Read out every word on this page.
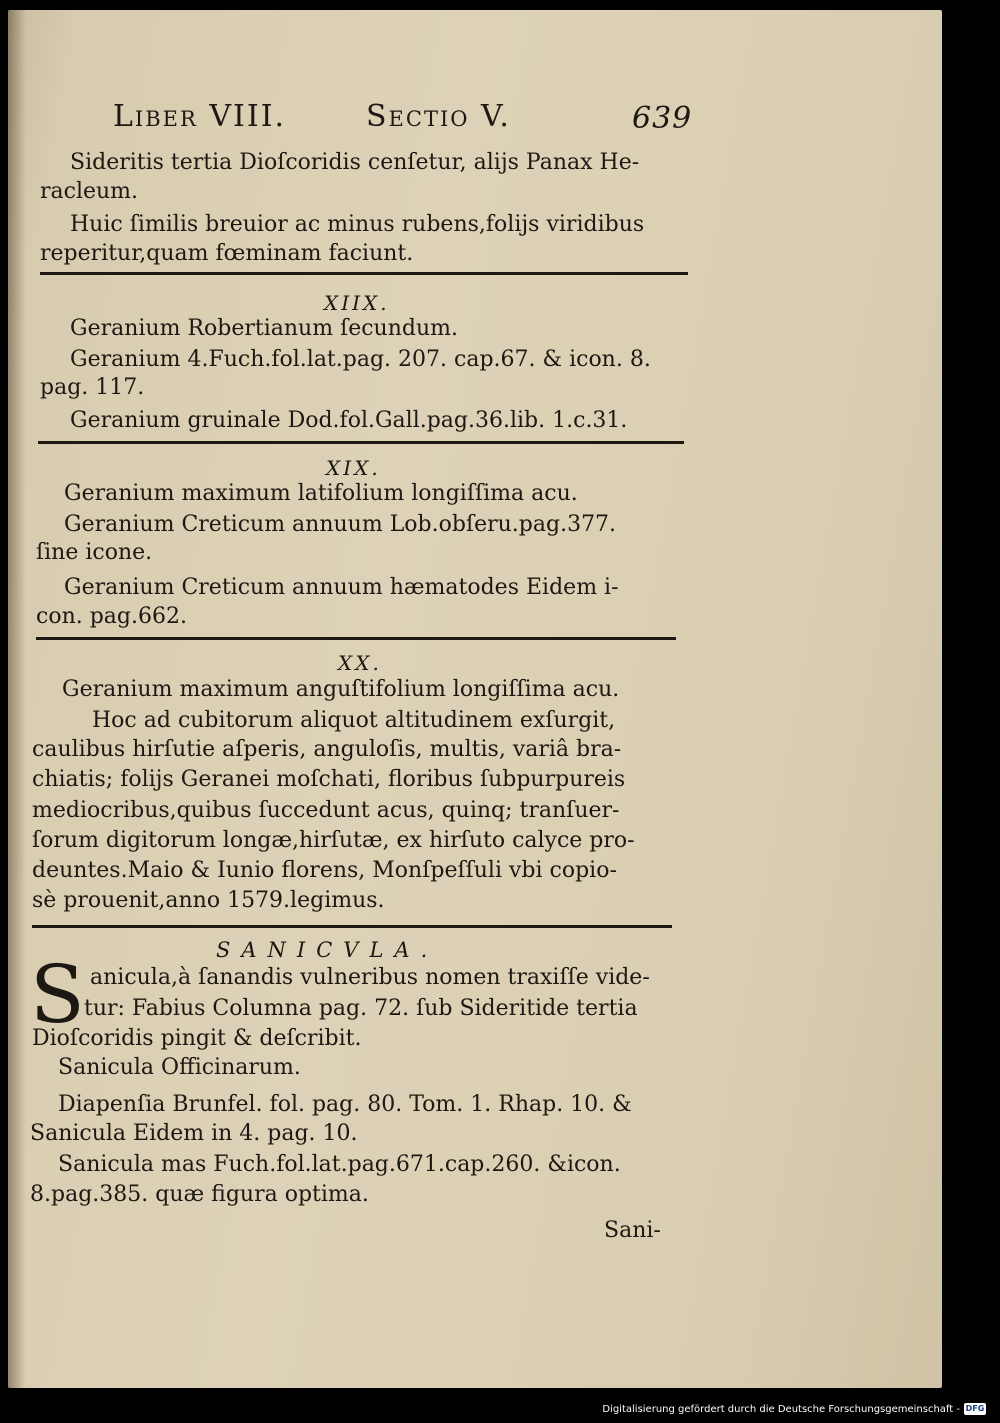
Liber VIII.	Sectio V.	639

Sideritis tertia Dioſcoridis cenſetur, alijs Panax He-

racleum.

Huic ſimilis breuior ac minus rubens,folijs viridibus

reperitur,quam fœminam faciunt.

XIIX.

Geranium Robertianum ſecundum.

Geranium 4.Fuch.fol.lat.pag. 207. cap.67. & icon. 8.

pag. 117.

Geranium gruinale Dod.fol.Gall.pag.36.lib. 1.c.31.

XIX.

Geranium maximum latifolium longiſſima acu.

Geranium Creticum annuum Lob.obſeru.pag.377.

ſine icone.

Geranium Creticum annuum hæmatodes Eidem i-

con. pag.662.

XX.

Geranium maximum anguſtifolium longiſſima acu.

Hoc ad cubitorum aliquot altitudinem exſurgit,

caulibus hirſutie aſperis, anguloſis, multis, variâ bra-

chiatis; folijs Geranei moſchati, floribus ſubpurpureis

mediocribus,quibus ſuccedunt acus, quinq; tranſuer-

ſorum digitorum longæ,hirſutæ, ex hirſuto calyce pro-

deuntes.Maio & Iunio florens, Monſpeſſuli vbi copio-

sè prouenit,anno 1579.legimus.

SANICVLA.

S anicula,à ſanandis vulneribus nomen traxiſſe vide-

tur: Fabius Columna pag. 72. ſub Sideritide tertia

Dioſcoridis pingit & deſcribit.

Sanicula Officinarum.

Diapenſia Brunfel. fol. pag. 80. Tom. 1. Rhap. 10. &

Sanicula Eidem in 4. pag. 10.

Sanicula mas Fuch.fol.lat.pag.671.cap.260. &icon.

8.pag.385. quæ figura optima.

Sani-

Digitalisierung gefördert durch die Deutsche Forschungsgemeinschaft - DFG
